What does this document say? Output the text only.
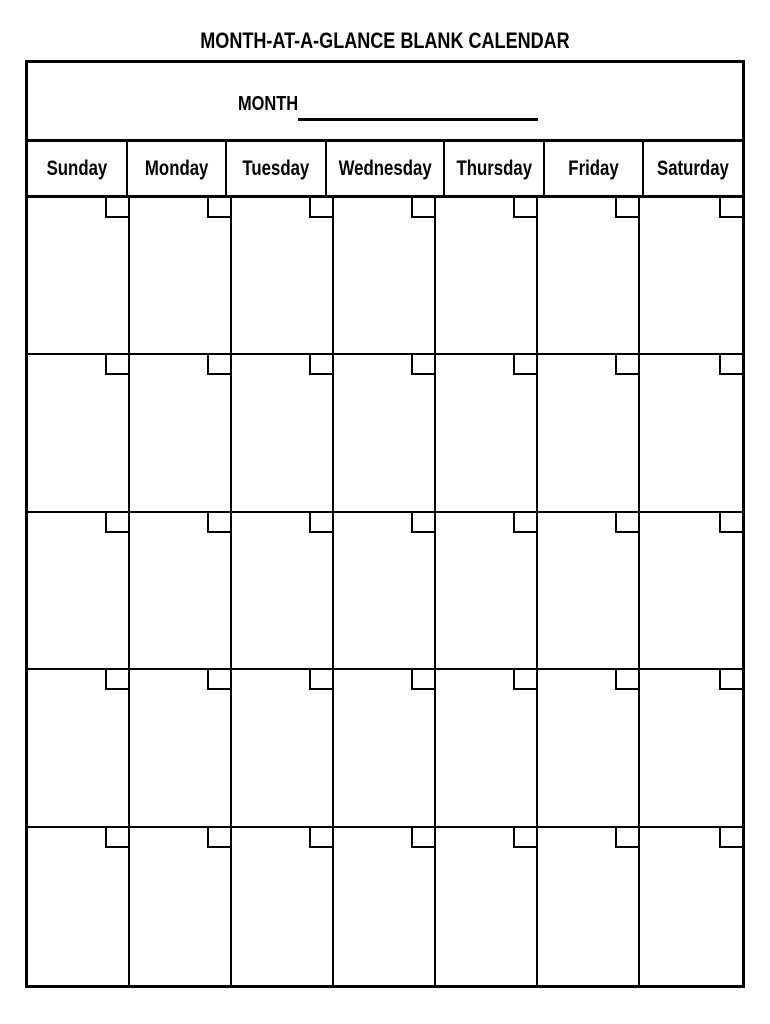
MONTH-AT-A-GLANCE BLANK CALENDAR
MONTH
Sunday Monday Tuesday Wednesday Thursday Friday Saturday
